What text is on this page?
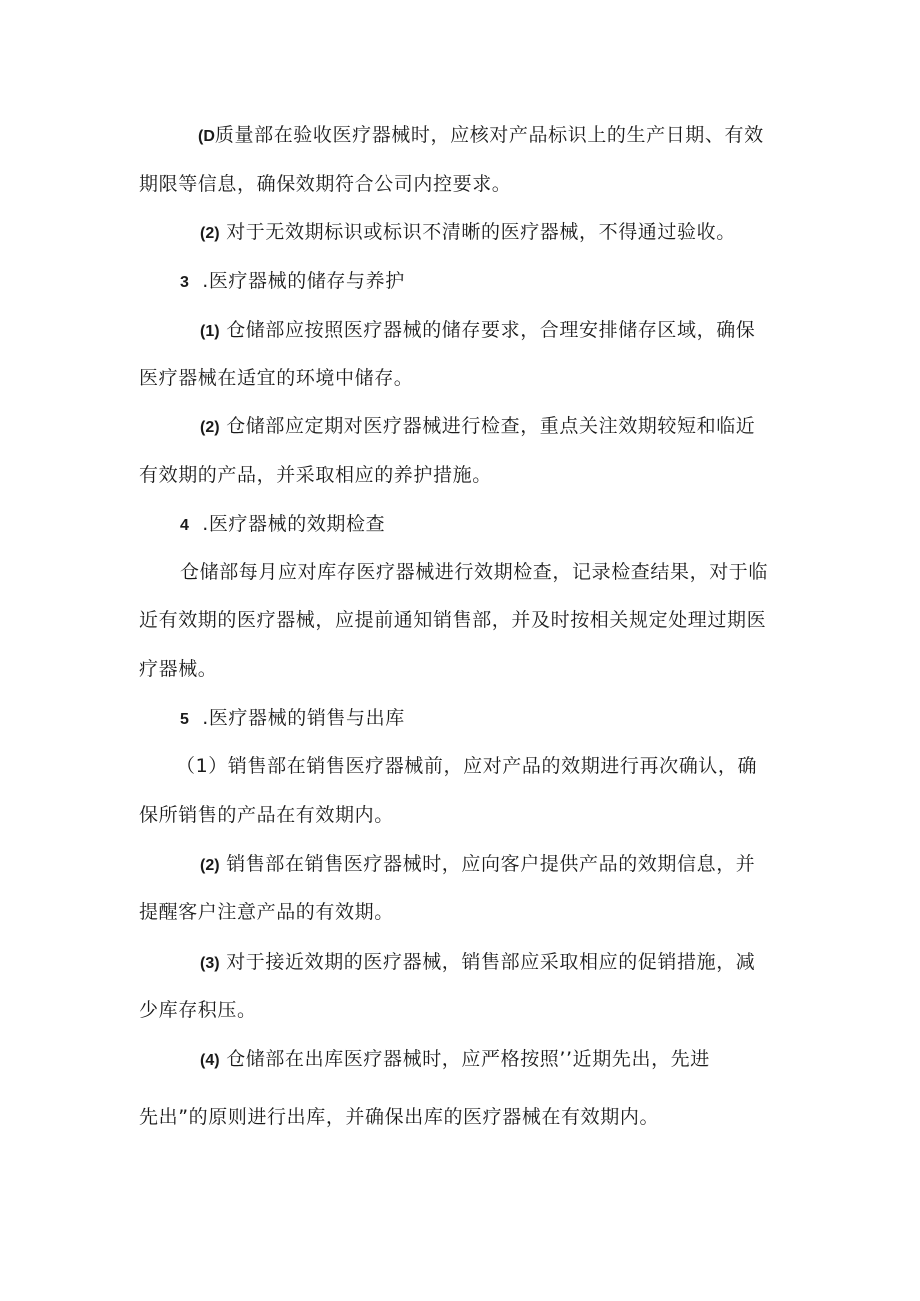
(D质量部在验收医疗器械时，应核对产品标识上的生产日期、有效
期限等信息，确保效期符合公司内控要求。
(2) 对于无效期标识或标识不清晰的医疗器械，不得通过验收。
3 .医疗器械的储存与养护
(1) 仓储部应按照医疗器械的储存要求，合理安排储存区域，确保
医疗器械在适宜的环境中储存。
(2) 仓储部应定期对医疗器械进行检查，重点关注效期较短和临近
有效期的产品，并采取相应的养护措施。
4 .医疗器械的效期检查
仓储部每月应对库存医疗器械进行效期检查，记录检查结果，对于临
近有效期的医疗器械，应提前通知销售部，并及时按相关规定处理过期医
疗器械。
5 .医疗器械的销售与出库
（1）销售部在销售医疗器械前，应对产品的效期进行再次确认，确
保所销售的产品在有效期内。
(2) 销售部在销售医疗器械时，应向客户提供产品的效期信息，并
提醒客户注意产品的有效期。
(3) 对于接近效期的医疗器械，销售部应采取相应的促销措施，减
少库存积压。
(4) 仓储部在出库医疗器械时，应严格按照’’近期先出，先进
先出”的原则进行出库，并确保出库的医疗器械在有效期内。
